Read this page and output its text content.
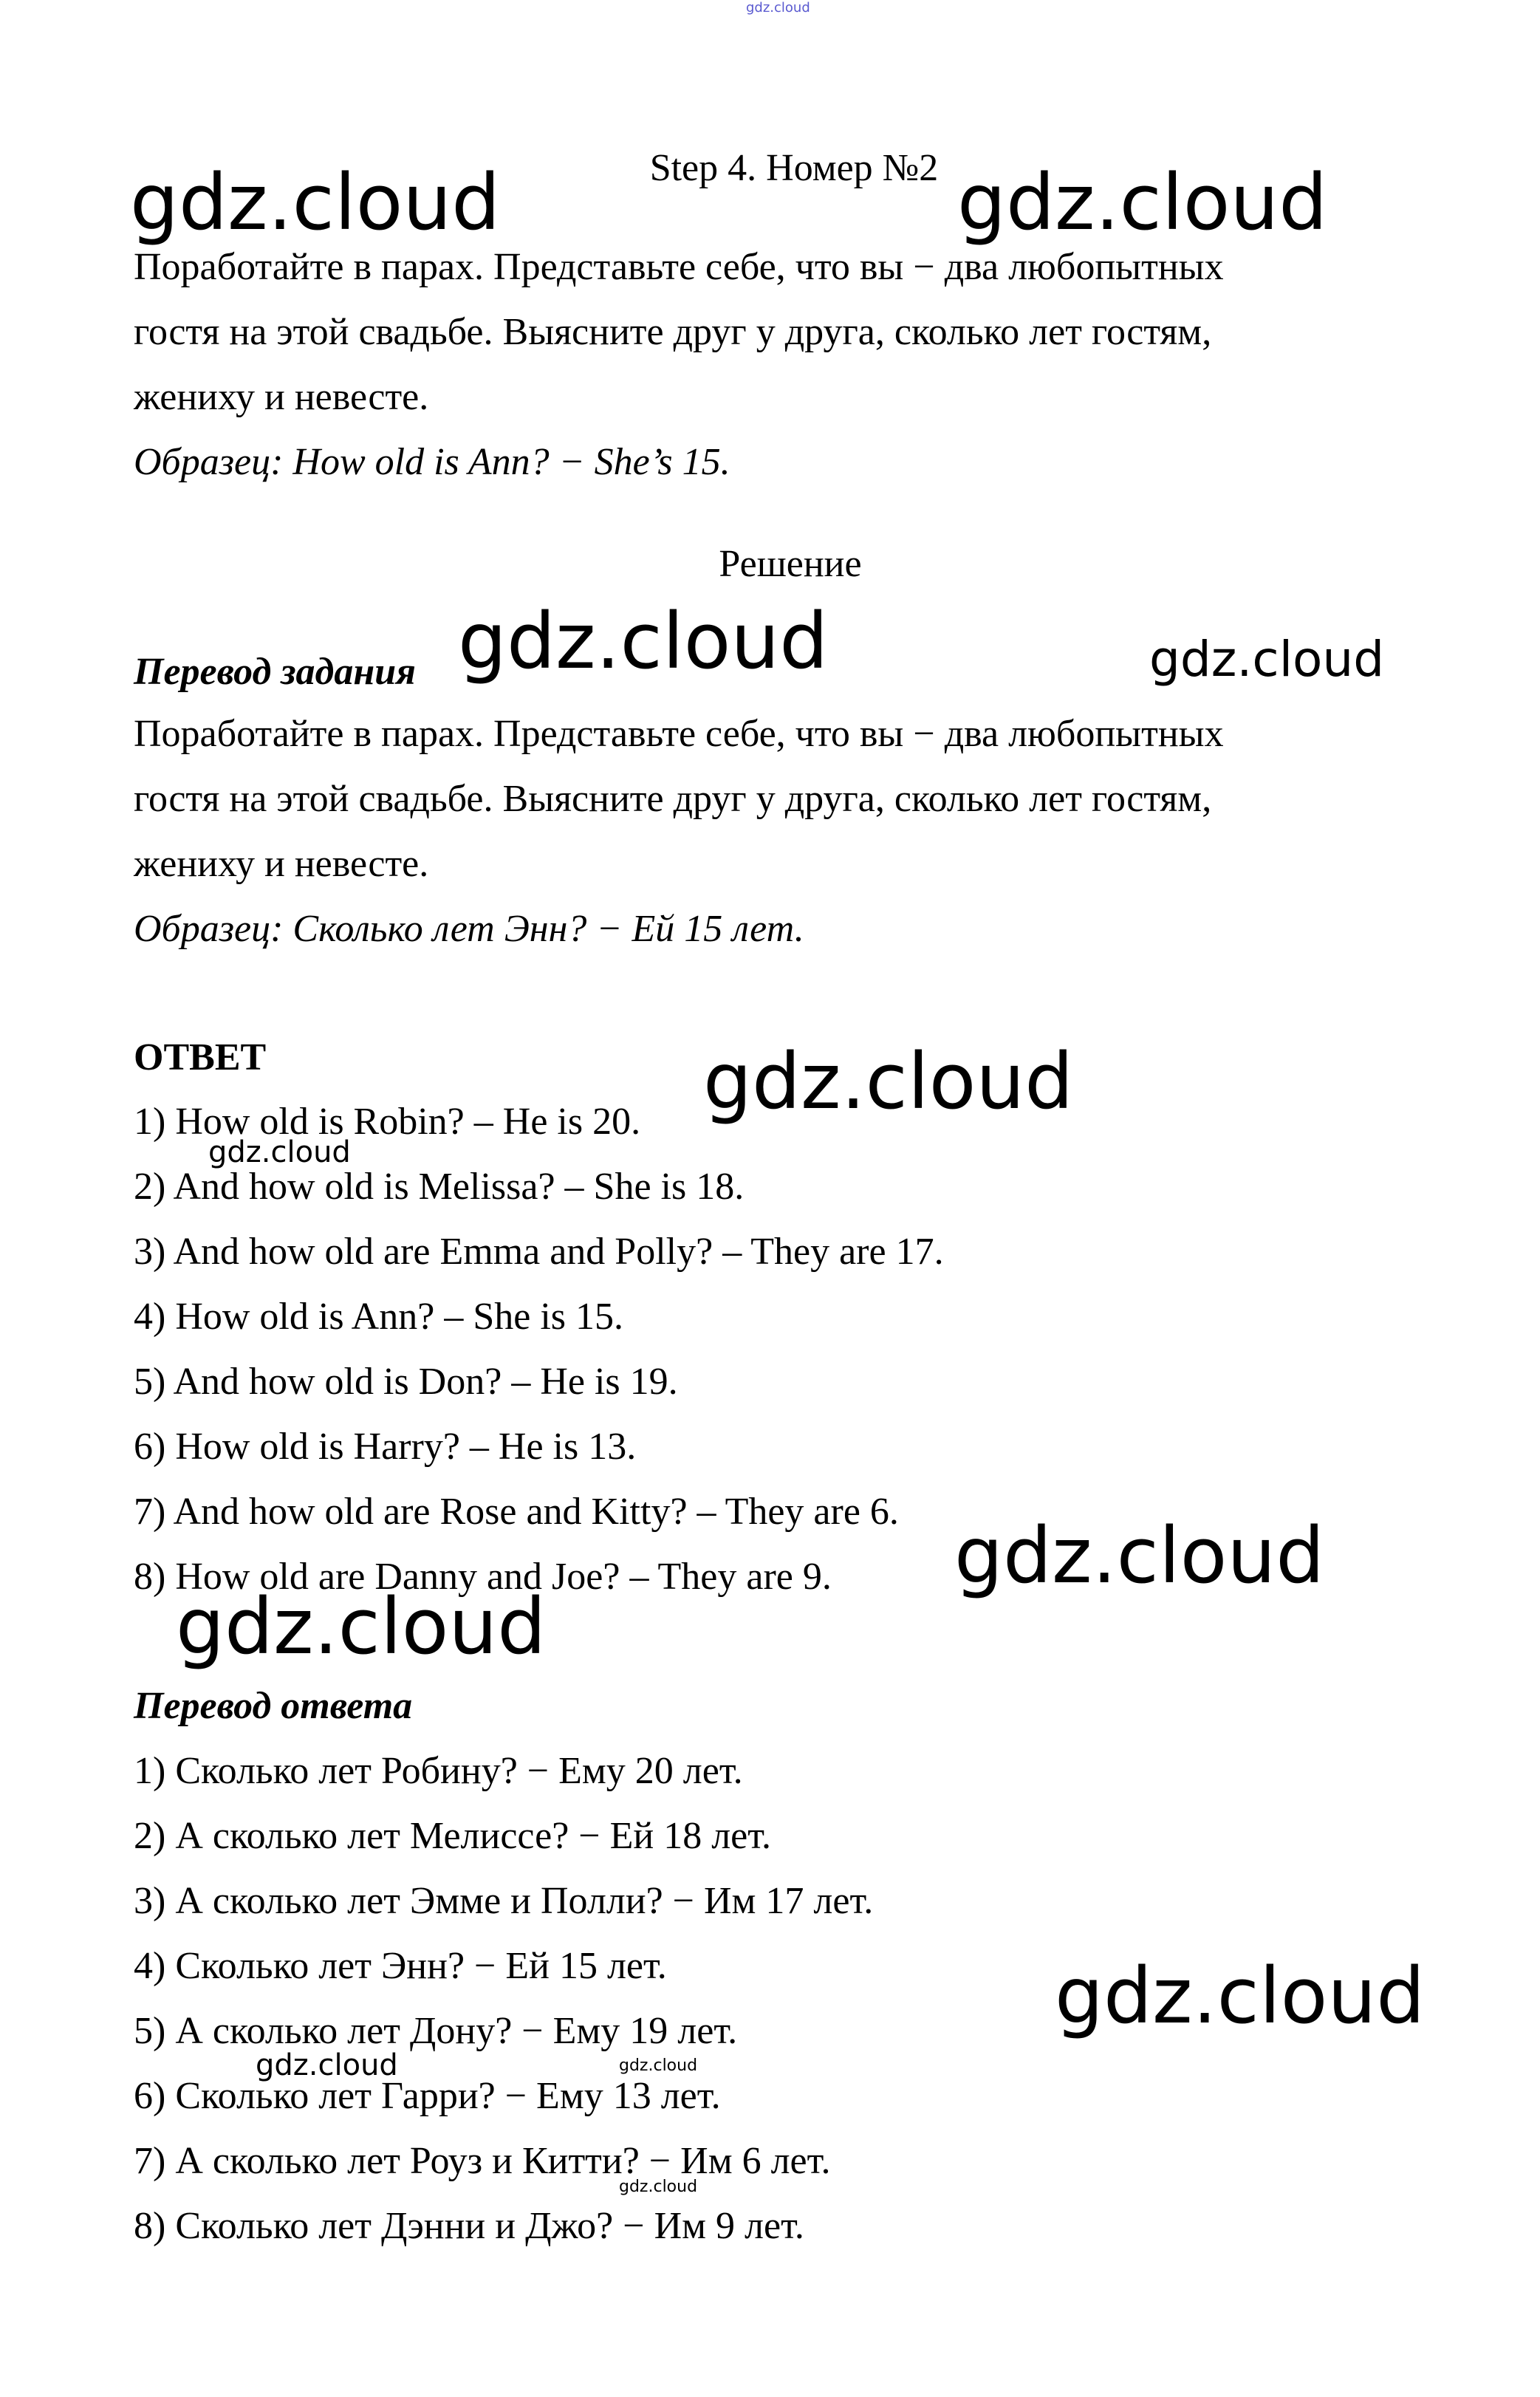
Step 4. Номер №2
Поработайте в парах. Представьте себе, что вы − два любопытных
гостя на этой свадьбе. Выясните друг у друга, сколько лет гостям,
жениху и невесте.
Образец: How old is Ann? − She’s 15.
Решение
Перевод задания
Поработайте в парах. Представьте себе, что вы − два любопытных
гостя на этой свадьбе. Выясните друг у друга, сколько лет гостям,
жениху и невесте.
Образец: Сколько лет Энн? − Ей 15 лет.
ОТВЕТ
1) How old is Robin? – He is 20.
2) And how old is Melissa? – She is 18.
3) And how old are Emma and Polly? – They are 17.
4) How old is Ann? – She is 15.
5) And how old is Don? – He is 19.
6) How old is Harry? – He is 13.
7) And how old are Rose and Kitty? – They are 6.
8) How old are Danny and Joe? – They are 9.
Перевод ответа
1) Сколько лет Робину? − Ему 20 лет.
2) А сколько лет Мелиссе? − Ей 18 лет.
3) А сколько лет Эмме и Полли? − Им 17 лет.
4) Сколько лет Энн? − Ей 15 лет.
5) А сколько лет Дону? − Ему 19 лет.
6) Сколько лет Гарри? − Ему 13 лет.
7) А сколько лет Роуз и Китти? − Им 6 лет.
8) Сколько лет Дэнни и Джо? − Им 9 лет.
gdz.cloud
gdz.cloud	gdz.cloud
gdz.cloud	gdz.cloud
gdz.cloud
gdz.cloud
gdz.cloud
gdz.cloud
gdz.cloud
gdz.cloud	gdz.cloud
gdz.cloud
